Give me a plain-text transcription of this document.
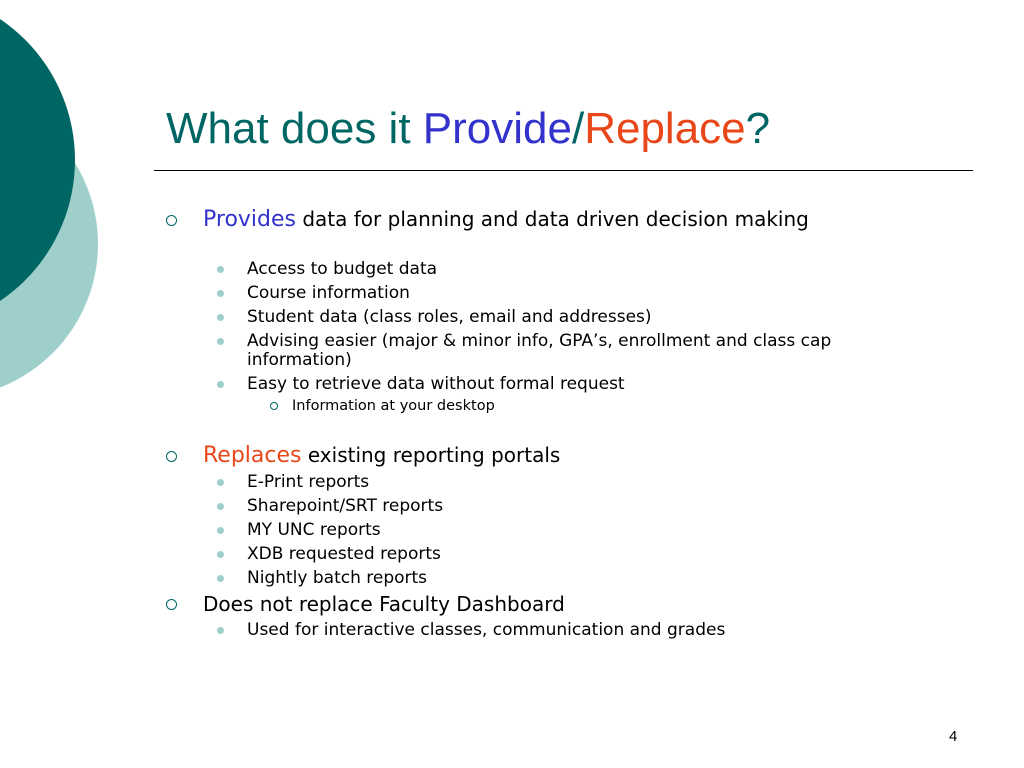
What does it Provide/Replace?
Provides data for planning and data driven decision making
Access to budget data
Course information
Student data (class roles, email and addresses)
Advising easier (major & minor info, GPA’s, enrollment and class cap
information)
Easy to retrieve data without formal request
Information at your desktop
Replaces existing reporting portals
E-Print reports
Sharepoint/SRT reports
MY UNC reports
XDB requested reports
Nightly batch reports
Does not replace Faculty Dashboard
Used for interactive classes, communication and grades
4
